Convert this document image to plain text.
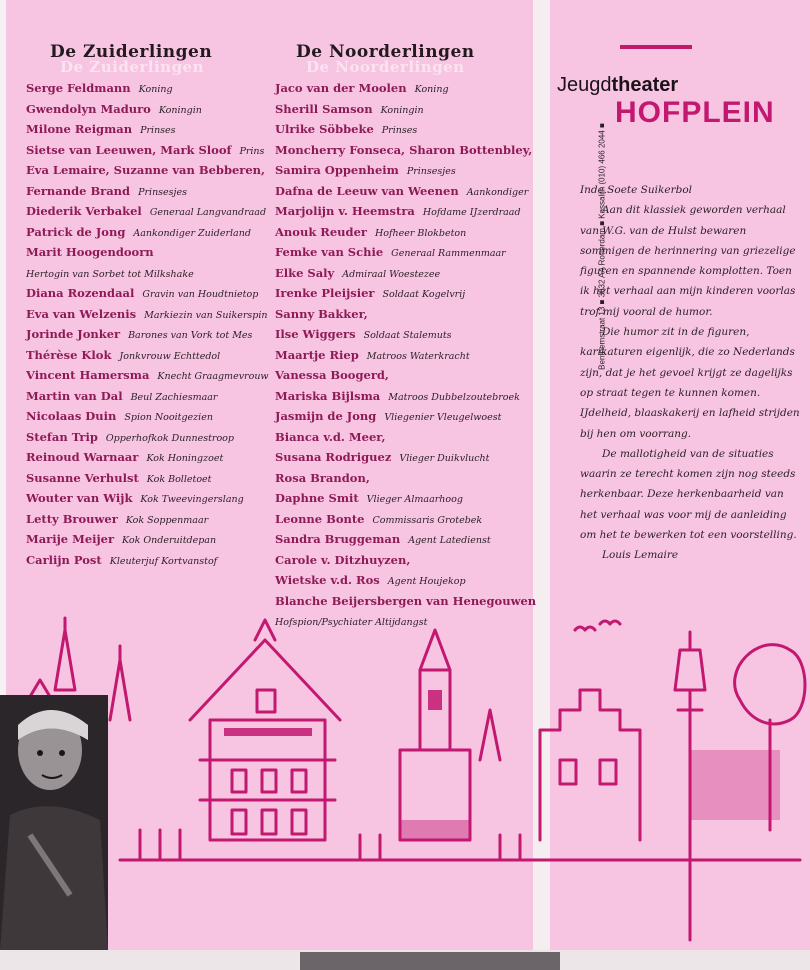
De Zuiderlingen
De Zuiderlingen
De Noorderlingen
De Noorderlingen
Serge Feldmann Koning
Gwendolyn Maduro Koningin
Milone Reigman Prinses
Sietse van Leeuwen, Mark Sloof Prins
Eva Lemaire, Suzanne van Bebberen,
Fernande Brand Prinsesjes
Diederik Verbakel Generaal Langvandraad
Patrick de Jong Aankondiger Zuiderland
Marit Hoogendoorn
Hertogin van Sorbet tot Milkshake
Diana Rozendaal Gravin van Houdtnietop
Eva van Welzenis Markiezin van Suikerspin
Jorinde Jonker Barones van Vork tot Mes
Thérèse Klok Jonkvrouw Echttedol
Vincent Hamersma Knecht Graagmevrouw
Martin van Dal Beul Zachiesmaar
Nicolaas Duin Spion Nooitgezien
Stefan Trip Opperhofkok Dunnestroop
Reinoud Warnaar Kok Honingzoet
Susanne Verhulst Kok Bolletoet
Wouter van Wijk Kok Tweevingerslang
Letty Brouwer Kok Soppenmaar
Marije Meijer Kok Onderuitdepan
Carlijn Post Kleuterjuf Kortvanstof
Jaco van der Moolen Koning
Sherill Samson Koningin
Ulrike Söbbeke Prinses
Moncherry Fonseca, Sharon Bottenbley,
Samira Oppenheim Prinsesjes
Dafna de Leeuw van Weenen Aankondiger
Marjolijn v. Heemstra Hofdame IJzerdraad
Anouk Reuder Hofheer Blokbeton
Femke van Schie Generaal Rammenmaar
Elke Saly Admiraal Woestezee
Irenke Pleijsier Soldaat Kogelvrij
Sanny Bakker,
Ilse Wiggers Soldaat Stalemuts
Maartje Riep Matroos Waterkracht
Vanessa Boogerd,
Mariska Bijlsma Matroos Dubbelzoutebroek
Jasmijn de Jong Vliegenier Vleugelwoest
Bianca v.d. Meer,
Susana Rodriguez Vlieger Duikvlucht
Rosa Brandon,
Daphne Smit Vlieger Almaarhoog
Leonne Bonte Commissaris Grotebek
Sandra Bruggeman Agent Latedienst
Carole v. Ditzhuyzen,
Wietske v.d. Ros Agent Houjekop
Blanche Beijersbergen van Henegouwen
Hofspion/Psychiater Altijdangst
Jeugdtheater
HOFPLEIN
Benthemstraat 13 ■ 3032 AA Rotterdam ■ Kassalijn (010) 466 2044 ■

Inde Soete Suikerbol

Aan dit klassiek geworden verhaal van W.G. van de Hulst bewaren sommigen de herinnering van griezelige figuren en spannende komplotten. Toen ik het verhaal aan mijn kinderen voorlas trof mij vooral de humor.

Die humor zit in de figuren, karikaturen eigenlijk, die zo Nederlands zijn, dat je het gevoel krijgt ze dagelijks op straat tegen te kunnen komen. IJdelheid, blaaskakerij en lafheid strijden bij hen om voorrang.

De mallotigheid van de situaties waarin ze terecht komen zijn nog steeds herkenbaar. Deze herkenbaarheid van het verhaal was voor mij de aanleiding om het te bewerken tot een voorstelling.

Louis Lemaire
